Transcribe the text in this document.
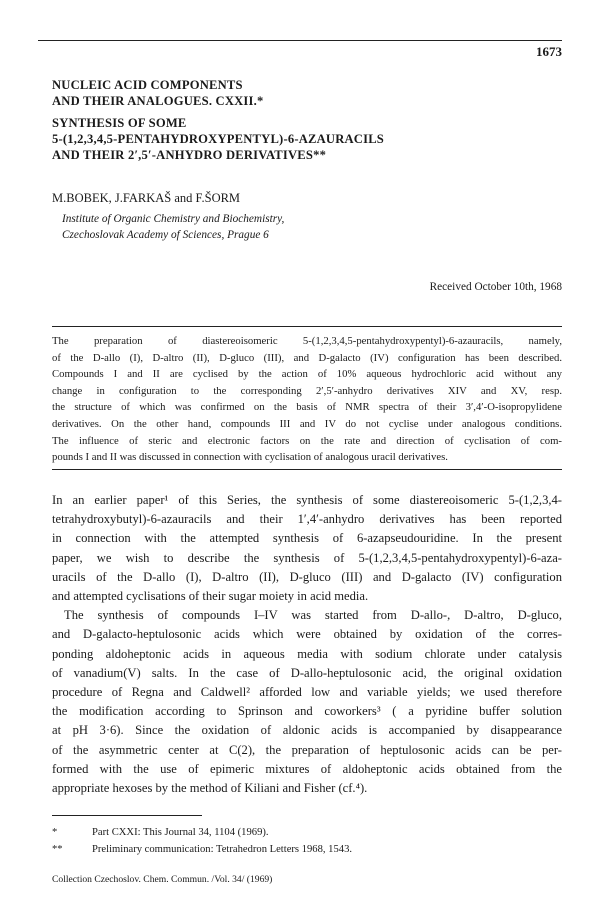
1673
NUCLEIC ACID COMPONENTS
AND THEIR ANALOGUES. CXXII.*
SYNTHESIS OF SOME
5-(1,2,3,4,5-PENTAHYDROXYPENTYL)-6-AZAURACILS
AND THEIR 2′,5′-ANHYDRO DERIVATIVES**
M.BOBEK, J.FARKAŠ and F.ŠORM
Institute of Organic Chemistry and Biochemistry,
Czechoslovak Academy of Sciences, Prague 6
Received October 10th, 1968
The preparation of diastereoisomeric 5-(1,2,3,4,5-pentahydroxypentyl)-6-azauracils, namely,
of the D-allo (I), D-altro (II), D-gluco (III), and D-galacto (IV) configuration has been described.
Compounds I and II are cyclised by the action of 10% aqueous hydrochloric acid without any
change in configuration to the corresponding 2′,5′-anhydro derivatives XIV and XV, resp.
the structure of which was confirmed on the basis of NMR spectra of their 3′,4′-O-isopropylidene
derivatives. On the other hand, compounds III and IV do not cyclise under analogous conditions.
The influence of steric and electronic factors on the rate and direction of cyclisation of com-
pounds I and II was discussed in connection with cyclisation of analogous uracil derivatives.
In an earlier paper¹ of this Series, the synthesis of some diastereoisomeric 5-(1,2,3,4-
tetrahydroxybutyl)-6-azauracils and their 1′,4′-anhydro derivatives has been reported
in connection with the attempted synthesis of 6-azapseudouridine. In the present
paper, we wish to describe the synthesis of 5-(1,2,3,4,5-pentahydroxypentyl)-6-aza-
uracils of the D-allo (I), D-altro (II), D-gluco (III) and D-galacto (IV) configuration
and attempted cyclisations of their sugar moiety in acid media.
The synthesis of compounds I–IV was started from D-allo-, D-altro, D-gluco,
and D-galacto-heptulosonic acids which were obtained by oxidation of the corres-
ponding aldoheptonic acids in aqueous media with sodium chlorate under catalysis
of vanadium(V) salts. In the case of D-allo-heptulosonic acid, the original oxidation
procedure of Regna and Caldwell² afforded low and variable yields; we used therefore
the modification according to Sprinson and coworkers³ ( a pyridine buffer solution
at pH 3·6). Since the oxidation of aldonic acids is accompanied by disappearance
of the asymmetric center at C(2), the preparation of heptulosonic acids can be per-
formed with the use of epimeric mixtures of aldoheptonic acids obtained from the
appropriate hexoses by the method of Kiliani and Fisher (cf.⁴).
*	Part CXXI: This Journal 34, 1104 (1969).
**	Preliminary communication: Tetrahedron Letters 1968, 1543.
Collection Czechoslov. Chem. Commun. /Vol. 34/ (1969)
